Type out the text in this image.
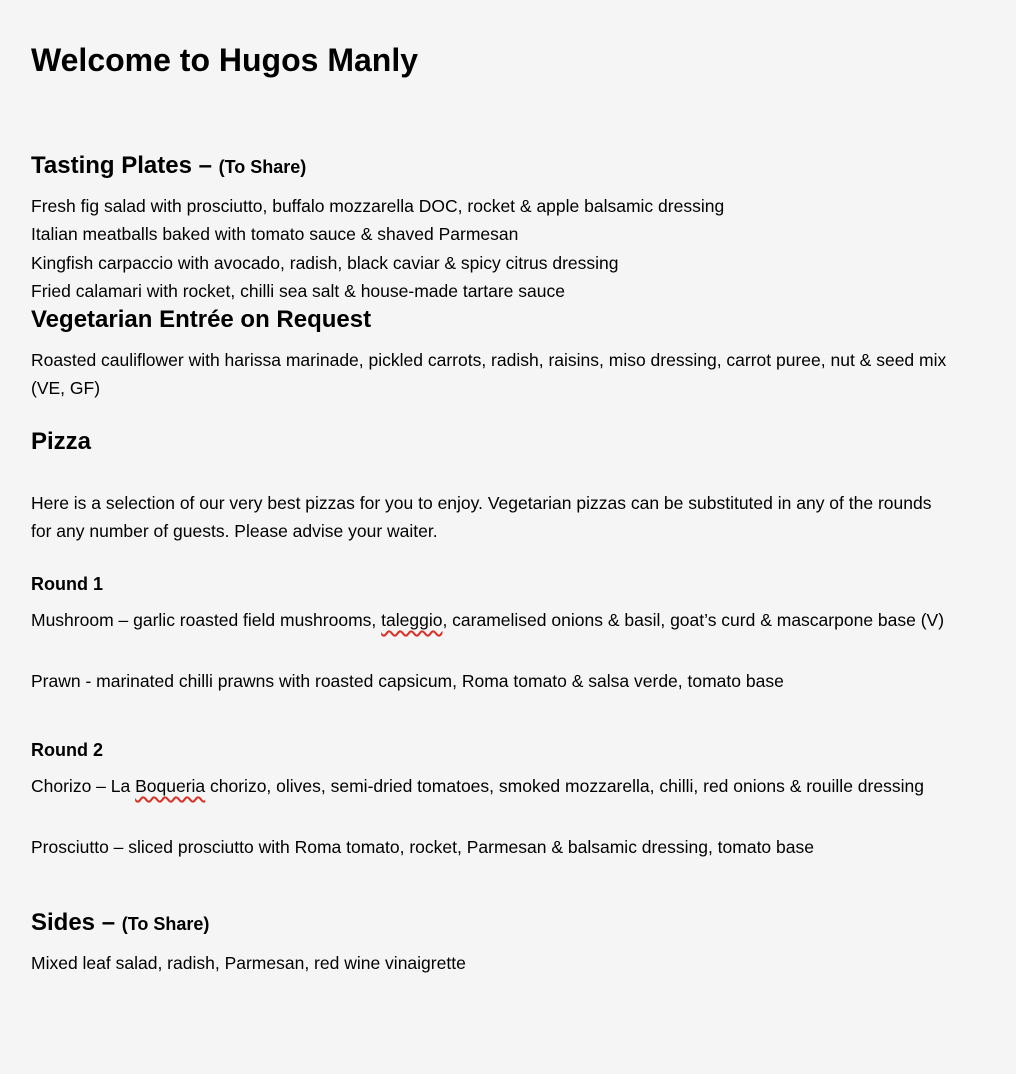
Welcome to Hugos Manly
Tasting Plates – (To Share)

Fresh fig salad with prosciutto, buffalo mozzarella DOC, rocket & apple balsamic dressing

Italian meatballs baked with tomato sauce & shaved Parmesan

Kingfish carpaccio with avocado, radish, black caviar & spicy citrus dressing

Fried calamari with rocket, chilli sea salt & house-made tartare sauce

Vegetarian Entrée on Request

Roasted cauliflower with harissa marinade, pickled carrots, radish, raisins, miso dressing, carrot puree, nut & seed mix (VE, GF)

Pizza

Here is a selection of our very best pizzas for you to enjoy. Vegetarian pizzas can be substituted in any of the rounds for any number of guests. Please advise your waiter.

Round 1

Mushroom – garlic roasted field mushrooms, taleggio, caramelised onions & basil, goat’s curd & mascarpone base (V)

Prawn - marinated chilli prawns with roasted capsicum, Roma tomato & salsa verde, tomato base

Round 2

Chorizo – La Boqueria chorizo, olives, semi-dried tomatoes, smoked mozzarella, chilli, red onions & rouille dressing

Prosciutto – sliced prosciutto with Roma tomato, rocket, Parmesan & balsamic dressing, tomato base

Sides – (To Share)

Mixed leaf salad, radish, Parmesan, red wine vinaigrette
